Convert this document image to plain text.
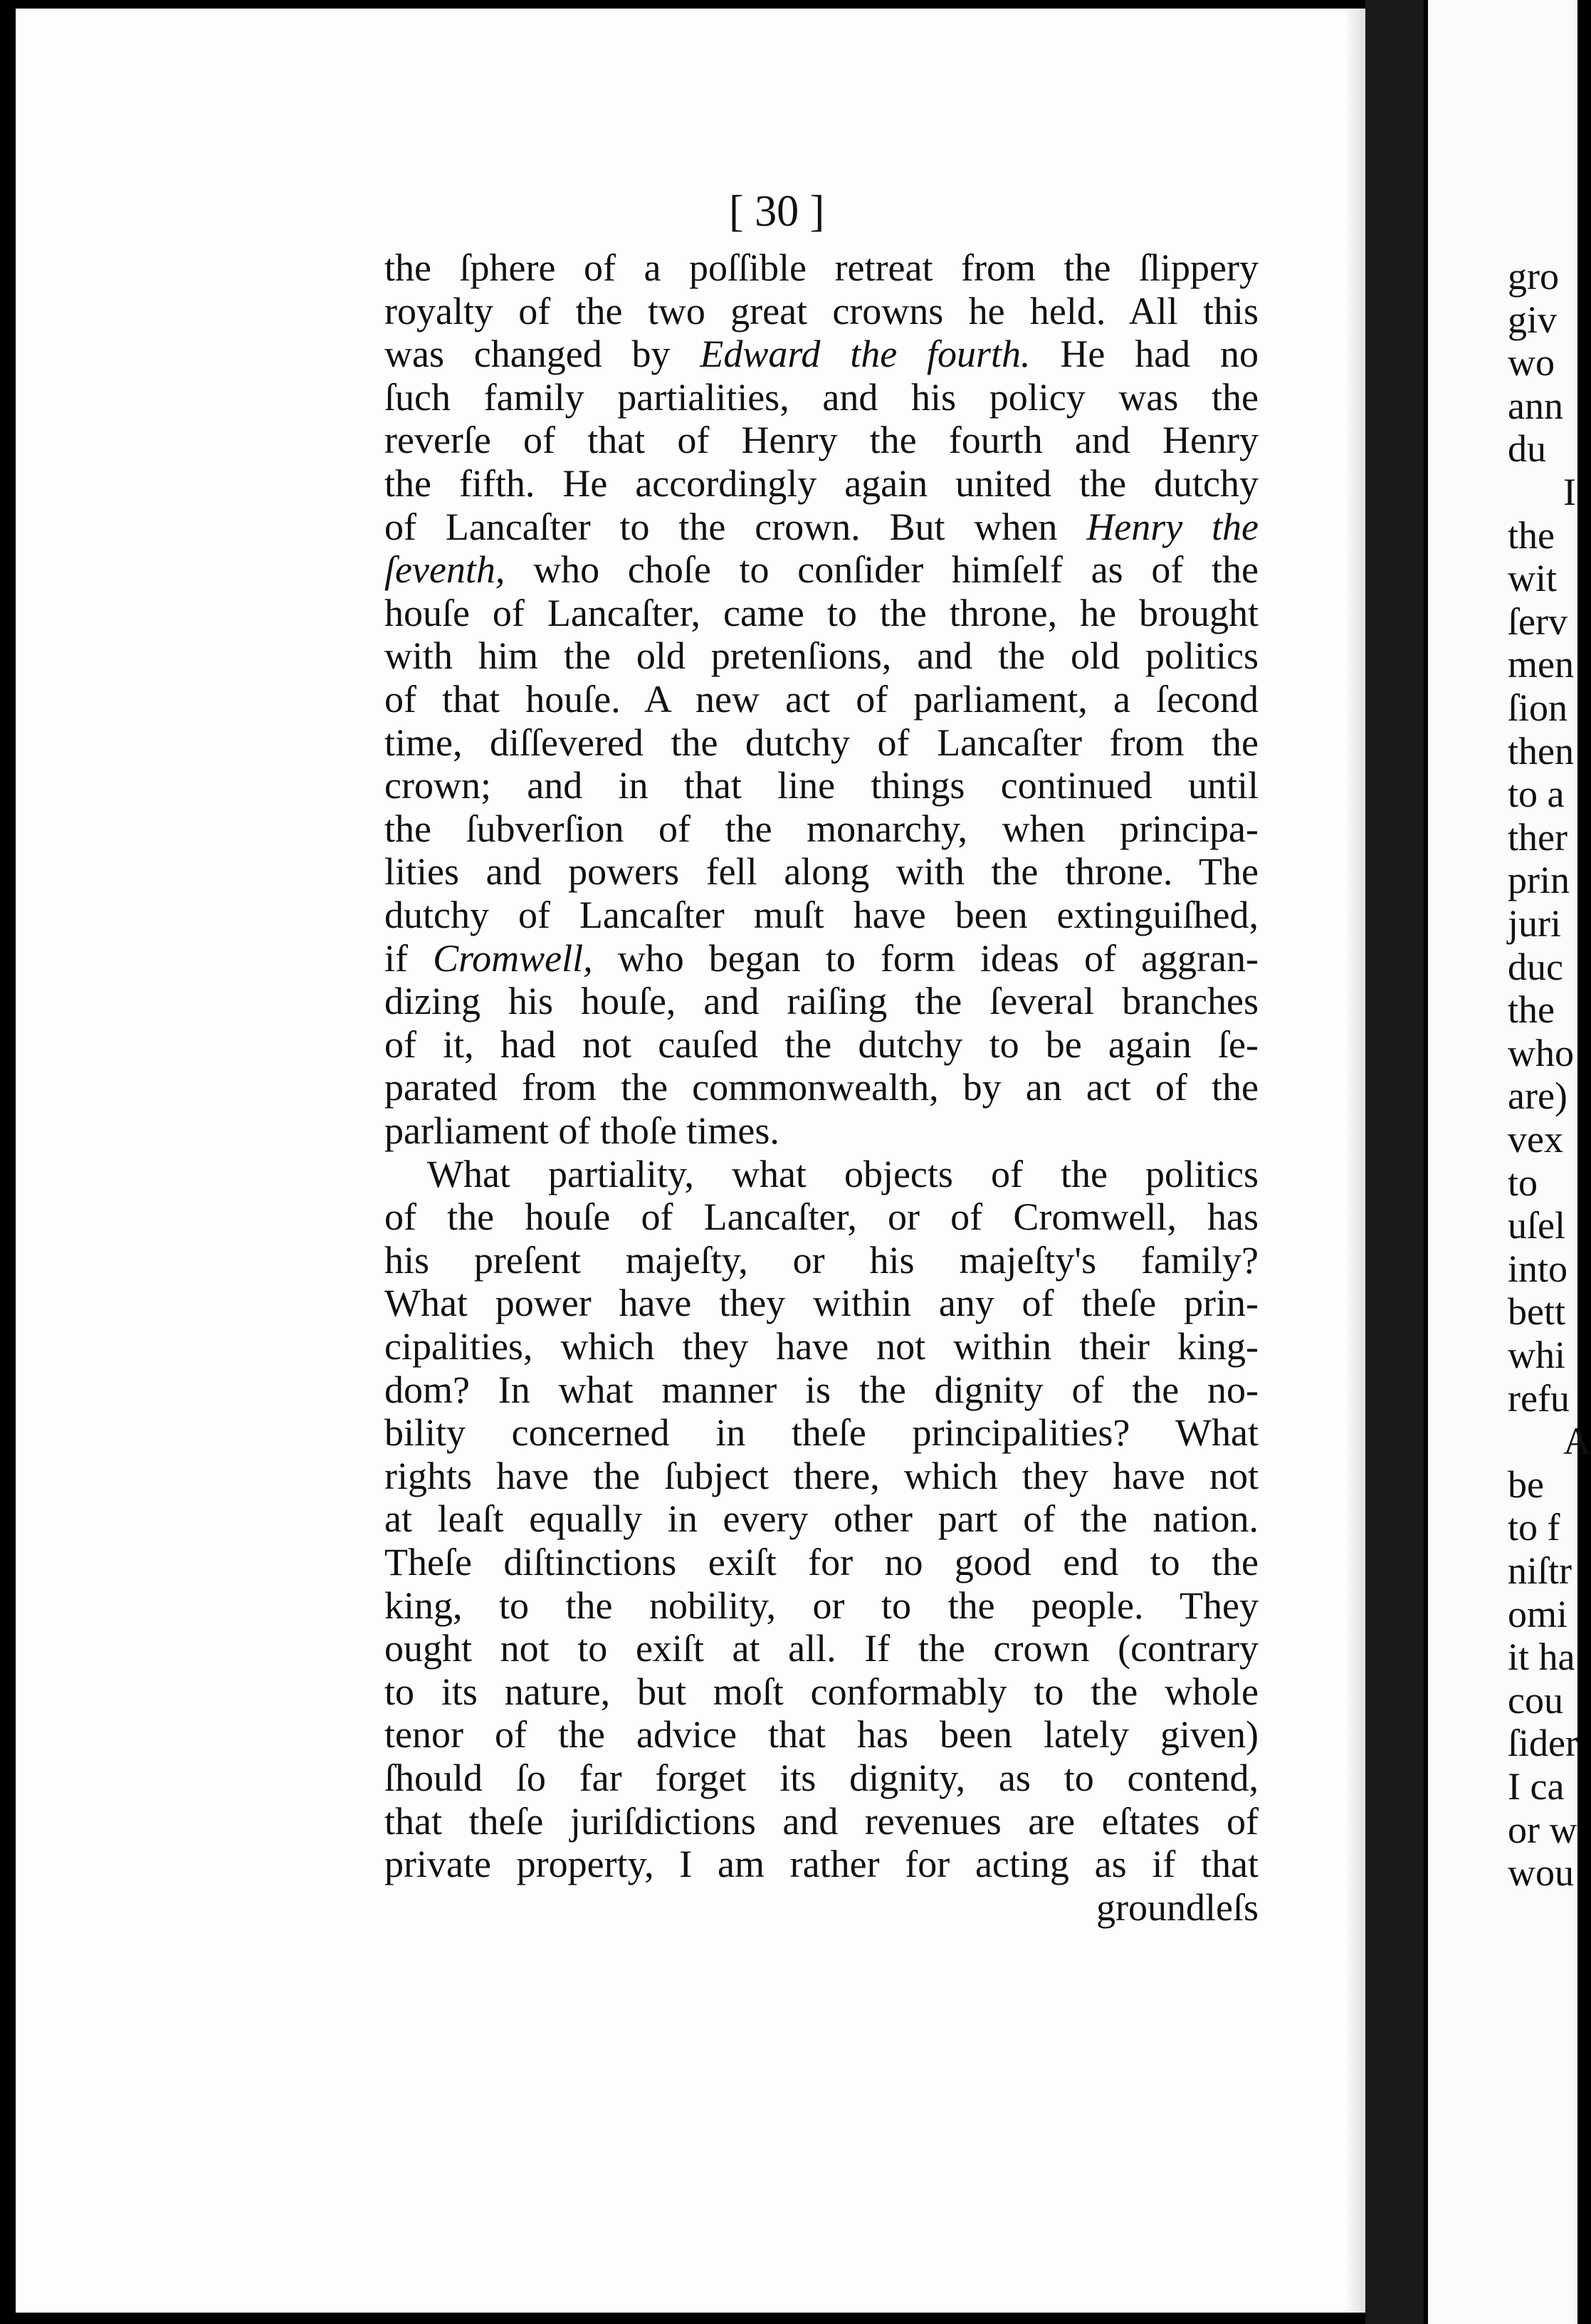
gro
giv
wo
ann
du
I
the
wit
ſerv
men
ſion
then
to a
ther
prin
juri
duc
the
who
are)
vex
to
uſel
into
bett
whi
refu
A
be
to f
niſtr
omi
it ha
cou
ſider
I ca
or w
wou
[ 30 ]
the ſphere of a poſſible retreat from the ſlippery
royalty of the two great crowns he held. All this
was changed by Edward the fourth. He had no
ſuch family partialities, and his policy was the
reverſe of that of Henry the fourth and Henry
the fifth. He accordingly again united the dutchy
of Lancaſter to the crown. But when Henry the
ſeventh, who choſe to conſider himſelf as of the
houſe of Lancaſter, came to the throne, he brought
with him the old pretenſions, and the old politics
of that houſe. A new act of parliament, a ſecond
time, diſſevered the dutchy of Lancaſter from the
crown; and in that line things continued until
the ſubverſion of the monarchy, when principa-
lities and powers fell along with the throne. The
dutchy of Lancaſter muſt have been extinguiſhed,
if Cromwell, who began to form ideas of aggran-
dizing his houſe, and raiſing the ſeveral branches
of it, had not cauſed the dutchy to be again ſe-
parated from the commonwealth, by an act of the
parliament of thoſe times.
What partiality, what objects of the politics
of the houſe of Lancaſter, or of Cromwell, has
his preſent majeſty, or his majeſty's family?
What power have they within any of theſe prin-
cipalities, which they have not within their king-
dom? In what manner is the dignity of the no-
bility concerned in theſe principalities? What
rights have the ſubject there, which they have not
at leaſt equally in every other part of the nation.
Theſe diſtinctions exiſt for no good end to the
king, to the nobility, or to the people. They
ought not to exiſt at all. If the crown (contrary
to its nature, but moſt conformably to the whole
tenor of the advice that has been lately given)
ſhould ſo far forget its dignity, as to contend,
that theſe juriſdictions and revenues are eſtates of
private property, I am rather for acting as if that
groundleſs
